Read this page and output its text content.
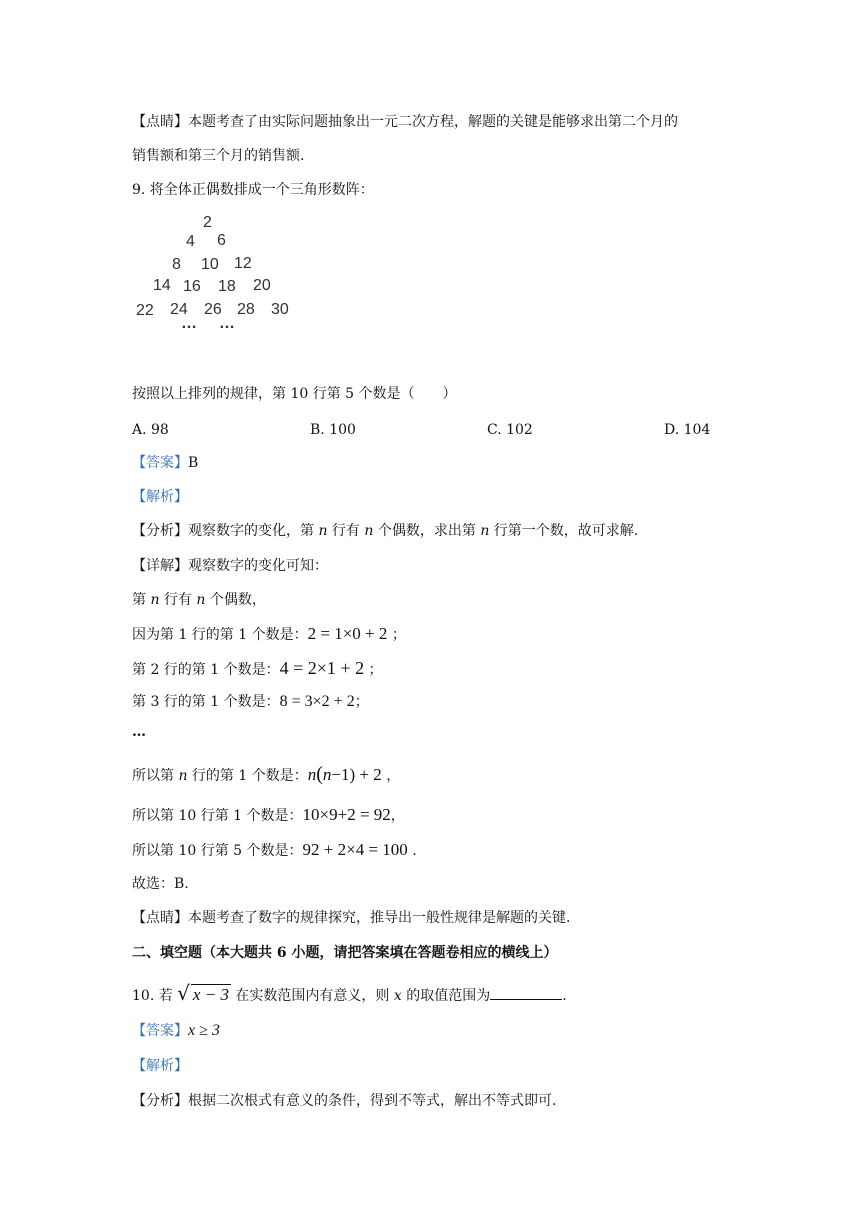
【点睛】本题考查了由实际问题抽象出一元二次方程，解题的关键是能够求出第二个月的
销售额和第三个月的销售额.
9. 将全体正偶数排成一个三角形数阵：
2
4 6
8 10 12
14 16 18 20
22 24 26 28 30
… …
按照以上排列的规律，第 10 行第 5 个数是（　　）
A. 98	B. 100	C. 102	D. 104
【答案】B
【解析】
【分析】观察数字的变化，第 n 行有 n 个偶数，求出第 n 行第一个数，故可求解.
【详解】观察数字的变化可知：
第 n 行有 n 个偶数，
因为第 1 行的第 1 个数是：2 = 1×0 + 2 ；
第 2 行的第 1 个数是：4 = 2×1 + 2 ；
第 3 行的第 1 个数是：8 = 3×2 + 2；
…
所以第 n 行的第 1 个数是：n(n−1) + 2 ，
所以第 10 行第 1 个数是：10×9+2 = 92，
所以第 10 行第 5 个数是：92 + 2×4 = 100 .
故选：B.
【点睛】本题考查了数字的规律探究，推导出一般性规律是解题的关键.
二、填空题（本大题共 6 小题，请把答案填在答题卷相应的横线上）
10. 若 √ x − 3 在实数范围内有意义，则 x 的取值范围为	.
【答案】x ≥ 3
【解析】
【分析】根据二次根式有意义的条件，得到不等式，解出不等式即可.
